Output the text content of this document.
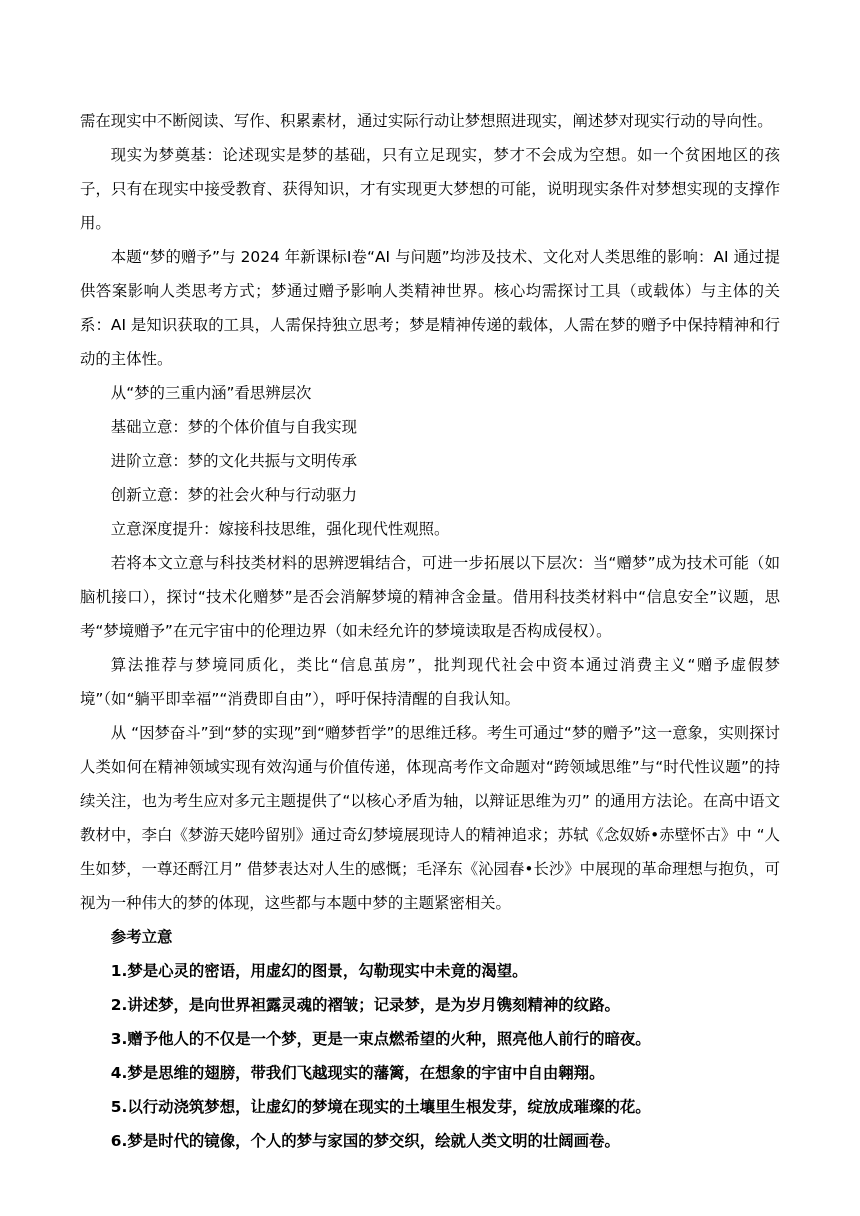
需在现实中不断阅读、写作、积累素材，通过实际行动让梦想照进现实，阐述梦对现实行动的导向性。

现实为梦奠基：论述现实是梦的基础，只有立足现实，梦才不会成为空想。如一个贫困地区的孩子，只有在现实中接受教育、获得知识，才有实现更大梦想的可能，说明现实条件对梦想实现的支撑作用。

本题“梦的赠予”与 2024 年新课标Ⅰ卷“AI 与问题”均涉及技术、文化对人类思维的影响：AI 通过提供答案影响人类思考方式；梦通过赠予影响人类精神世界。核心均需探讨工具（或载体）与主体的关系：AI 是知识获取的工具，人需保持独立思考；梦是精神传递的载体，人需在梦的赠予中保持精神和行动的主体性。

从“梦的三重内涵”看思辨层次

基础立意：梦的个体价值与自我实现

进阶立意：梦的文化共振与文明传承

创新立意：梦的社会火种与行动驱力

立意深度提升：嫁接科技思维，强化现代性观照。

若将本文立意与科技类材料的思辨逻辑结合，可进一步拓展以下层次：当“赠梦”成为技术可能（如脑机接口），探讨“技术化赠梦”是否会消解梦境的精神含金量。借用科技类材料中“信息安全”议题，思考“梦境赠予”在元宇宙中的伦理边界（如未经允许的梦境读取是否构成侵权）。

算法推荐与梦境同质化，类比“信息茧房”，批判现代社会中资本通过消费主义“赠予虚假梦境”（如“躺平即幸福”“消费即自由”），呼吁保持清醒的自我认知。

从 “因梦奋斗”到“梦的实现”到“赠梦哲学”的思维迁移。考生可通过“梦的赠予”这一意象，实则探讨人类如何在精神领域实现有效沟通与价值传递，体现高考作文命题对“跨领域思维”与“时代性议题”的持续关注，也为考生应对多元主题提供了“以核心矛盾为轴，以辩证思维为刃” 的通用方法论。在高中语文教材中，李白《梦游天姥吟留别》通过奇幻梦境展现诗人的精神追求；苏轼《念奴娇•赤壁怀古》中 “人生如梦，一尊还酹江月” 借梦表达对人生的感慨；毛泽东《沁园春•长沙》中展现的革命理想与抱负，可视为一种伟大的梦的体现，这些都与本题中梦的主题紧密相关。

参考立意

1.梦是心灵的密语，用虚幻的图景，勾勒现实中未竟的渴望。

2.讲述梦，是向世界袒露灵魂的褶皱；记录梦，是为岁月镌刻精神的纹路。

3.赠予他人的不仅是一个梦，更是一束点燃希望的火种，照亮他人前行的暗夜。

4.梦是思维的翅膀，带我们飞越现实的藩篱，在想象的宇宙中自由翱翔。

5.以行动浇筑梦想，让虚幻的梦境在现实的土壤里生根发芽，绽放成璀璨的花。

6.梦是时代的镜像，个人的梦与家国的梦交织，绘就人类文明的壮阔画卷。
